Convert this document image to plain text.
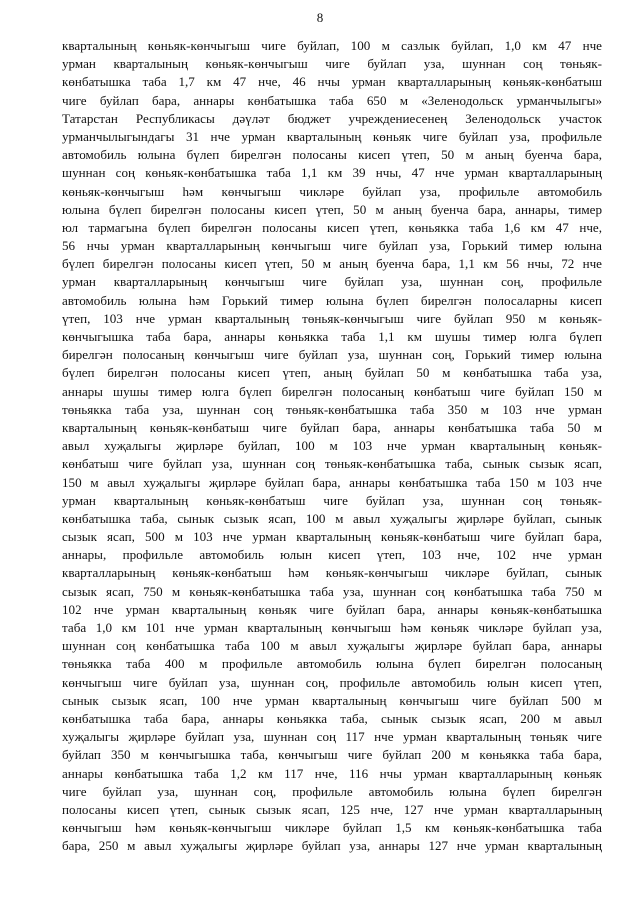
8
кварталының көньяк-көнчыгыш чиге буйлап, 100 м сазлык буйлап, 1,0 км 47 нче
урман кварталының көньяк-көнчыгыш чиге буйлап уза, шуннан соң төньяк-
көнбатышка таба 1,7 км 47 нче, 46 нчы урман кварталларының көньяк-көнбатыш
чиге буйлап бара, аннары көнбатышка таба 650 м «Зеленодольск урманчылыгы»
Татарстан Республикасы дәүләт бюджет учреждениесенең Зеленодольск участок
урманчылыгындагы 31 нче урман кварталының көньяк чиге буйлап уза, профильле
автомобиль юлына бүлеп бирелгән полосаны кисеп үтеп, 50 м аның буенча бара,
шуннан соң көньяк-көнбатышка таба 1,1 км 39 нчы, 47 нче урман кварталларының
көньяк-көнчыгыш һәм көнчыгыш чикләре буйлап уза, профильле автомобиль
юлына бүлеп бирелгән полосаны кисеп үтеп, 50 м аның буенча бара, аннары, тимер
юл тармагына бүлеп бирелгән полосаны кисеп үтеп, көньякка таба 1,6 км 47 нче,
56 нчы урман кварталларының көнчыгыш чиге буйлап уза, Горький тимер юлына
бүлеп бирелгән полосаны кисеп үтеп, 50 м аның буенча бара, 1,1 км 56 нчы, 72 нче
урман кварталларының көнчыгыш чиге буйлап уза, шуннан соң, профильле
автомобиль юлына һәм Горький тимер юлына бүлеп бирелгән полосаларны кисеп
үтеп, 103 нче урман кварталының төньяк-көнчыгыш чиге буйлап 950 м көньяк-
көнчыгышка таба бара, аннары көньякка таба 1,1 км шушы тимер юлга бүлеп
бирелгән полосаның көнчыгыш чиге буйлап уза, шуннан соң, Горький тимер юлына
бүлеп бирелгән полосаны кисеп үтеп, аның буйлап 50 м көнбатышка таба уза,
аннары шушы тимер юлга бүлеп бирелгән полосаның көнбатыш чиге буйлап 150 м
төньякка таба уза, шуннан соң төньяк-көнбатышка таба 350 м 103 нче урман
кварталының көньяк-көнбатыш чиге буйлап бара, аннары көнбатышка таба 50 м
авыл хуҗалыгы җирләре буйлап, 100 м 103 нче урман кварталының көньяк-
көнбатыш чиге буйлап уза, шуннан соң төньяк-көнбатышка таба, сынык сызык ясап,
150 м авыл хуҗалыгы җирләре буйлап бара, аннары көнбатышка таба 150 м 103 нче
урман кварталының көньяк-көнбатыш чиге буйлап уза, шуннан соң төньяк-
көнбатышка таба, сынык сызык ясап, 100 м авыл хуҗалыгы җирләре буйлап, сынык
сызык ясап, 500 м 103 нче урман кварталының көньяк-көнбатыш чиге буйлап бара,
аннары, профильле автомобиль юлын кисеп үтеп, 103 нче, 102 нче урман
кварталларының көньяк-көнбатыш һәм көньяк-көнчыгыш чикләре буйлап, сынык
сызык ясап, 750 м көньяк-көнбатышка таба уза, шуннан соң көнбатышка таба 750 м
102 нче урман кварталының көньяк чиге буйлап бара, аннары көньяк-көнбатышка
таба 1,0 км 101 нче урман кварталының көнчыгыш һәм көньяк чикләре буйлап уза,
шуннан соң көнбатышка таба 100 м авыл хуҗалыгы җирләре буйлап бара, аннары
төньякка таба 400 м профильле автомобиль юлына бүлеп бирелгән полосаның
көнчыгыш чиге буйлап уза, шуннан соң, профильле автомобиль юлын кисеп үтеп,
сынык сызык ясап, 100 нче урман кварталының көнчыгыш чиге буйлап 500 м
көнбатышка таба бара, аннары көньякка таба, сынык сызык ясап, 200 м авыл
хуҗалыгы җирләре буйлап уза, шуннан соң 117 нче урман кварталының төньяк чиге
буйлап 350 м көнчыгышка таба, көнчыгыш чиге буйлап 200 м көньякка таба бара,
аннары көнбатышка таба 1,2 км 117 нче, 116 нчы урман кварталларының көньяк
чиге буйлап уза, шуннан соң, профильле автомобиль юлына бүлеп бирелгән
полосаны кисеп үтеп, сынык сызык ясап, 125 нче, 127 нче урман кварталларының
көнчыгыш һәм көньяк-көнчыгыш чикләре буйлап 1,5 км көньяк-көнбатышка таба
бара, 250 м авыл хуҗалыгы җирләре буйлап уза, аннары 127 нче урман кварталының
